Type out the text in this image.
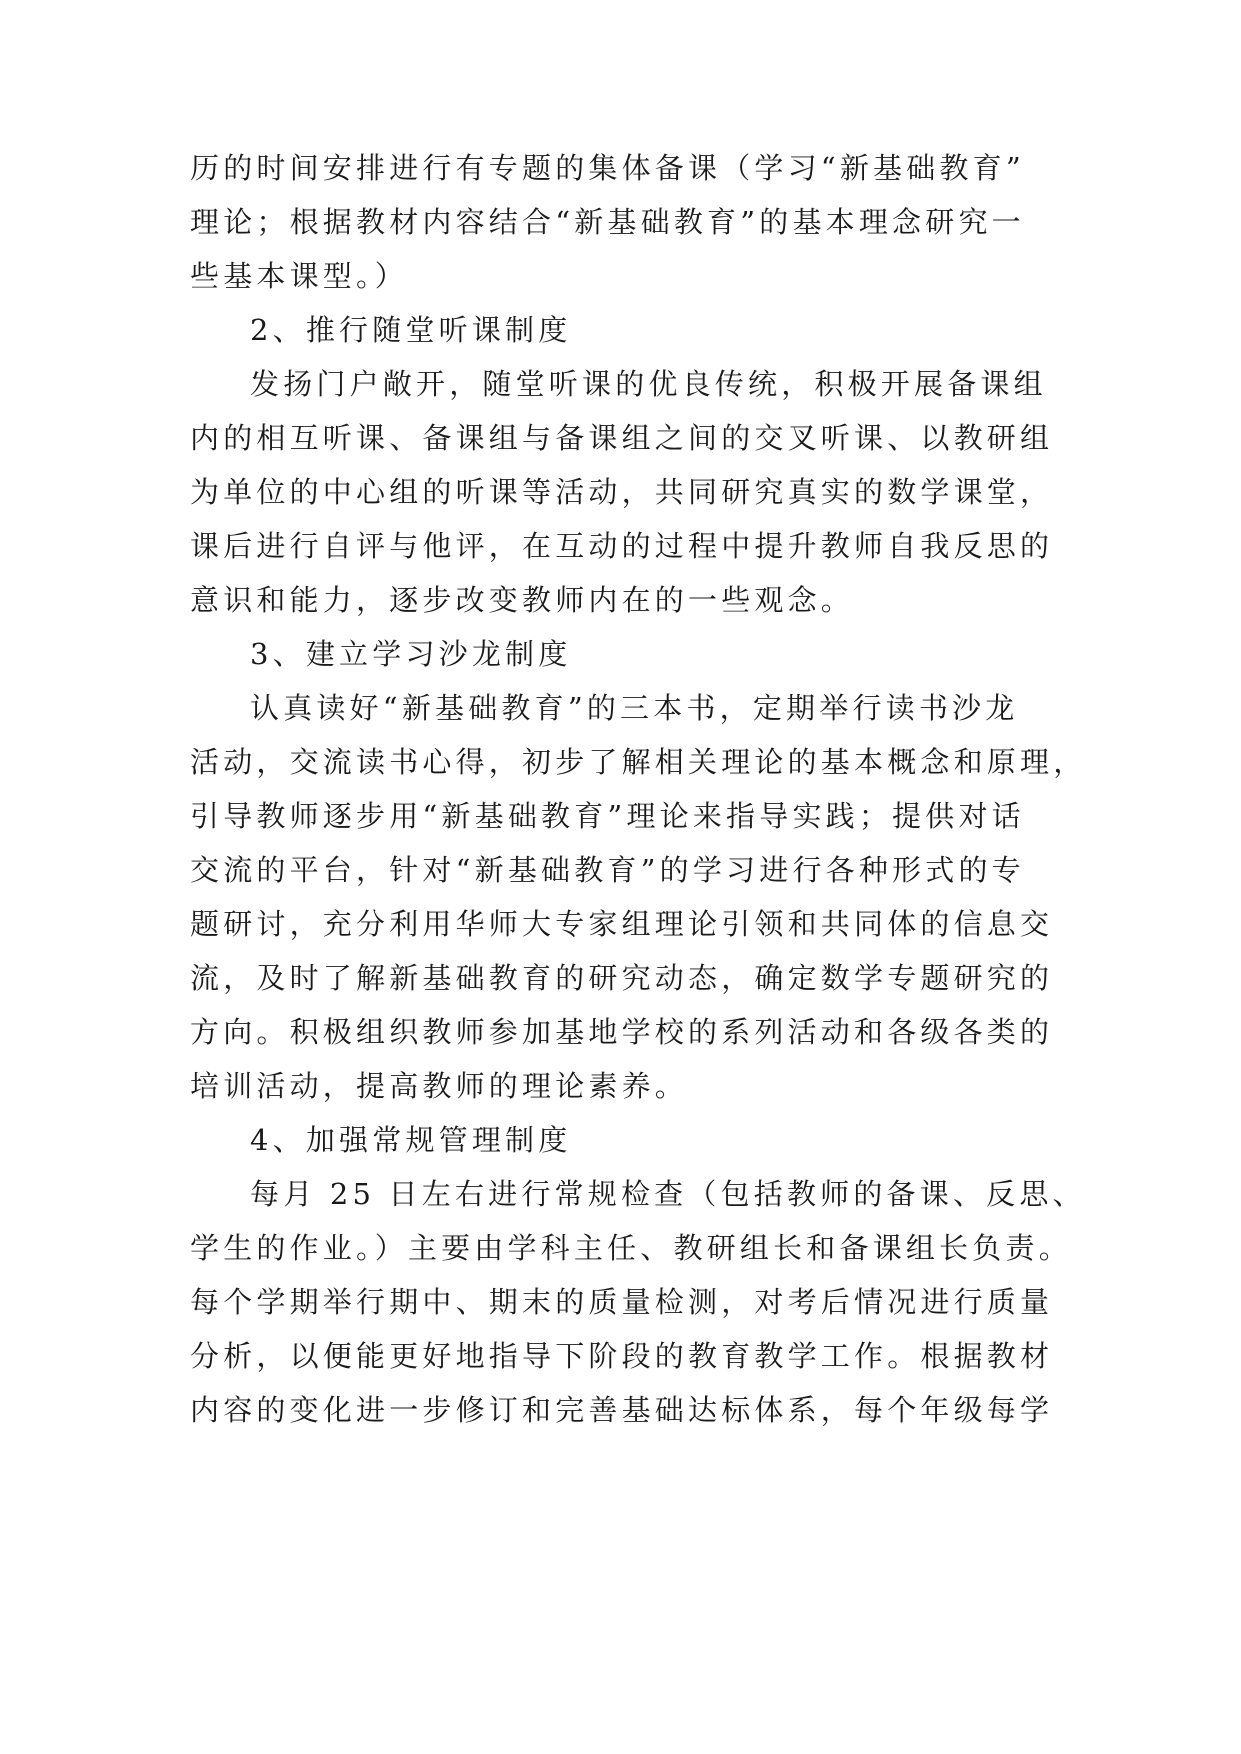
历的时间安排进行有专题的集体备课（学习“新基础教育”
理论；根据教材内容结合“新基础教育”的基本理念研究一
些基本课型。）
2、推行随堂听课制度
发扬门户敞开，随堂听课的优良传统，积极开展备课组
内的相互听课、备课组与备课组之间的交叉听课、以教研组
为单位的中心组的听课等活动，共同研究真实的数学课堂，
课后进行自评与他评，在互动的过程中提升教师自我反思的
意识和能力，逐步改变教师内在的一些观念。
3、建立学习沙龙制度
认真读好“新基础教育”的三本书，定期举行读书沙龙
活动，交流读书心得，初步了解相关理论的基本概念和原理，
引导教师逐步用“新基础教育”理论来指导实践；提供对话
交流的平台，针对“新基础教育”的学习进行各种形式的专
题研讨，充分利用华师大专家组理论引领和共同体的信息交
流，及时了解新基础教育的研究动态，确定数学专题研究的
方向。积极组织教师参加基地学校的系列活动和各级各类的
培训活动，提高教师的理论素养。
4、加强常规管理制度
每月 25 日左右进行常规检查（包括教师的备课、反思、
学生的作业。）主要由学科主任、教研组长和备课组长负责。
每个学期举行期中、期末的质量检测，对考后情况进行质量
分析，以便能更好地指导下阶段的教育教学工作。根据教材
内容的变化进一步修订和完善基础达标体系，每个年级每学
